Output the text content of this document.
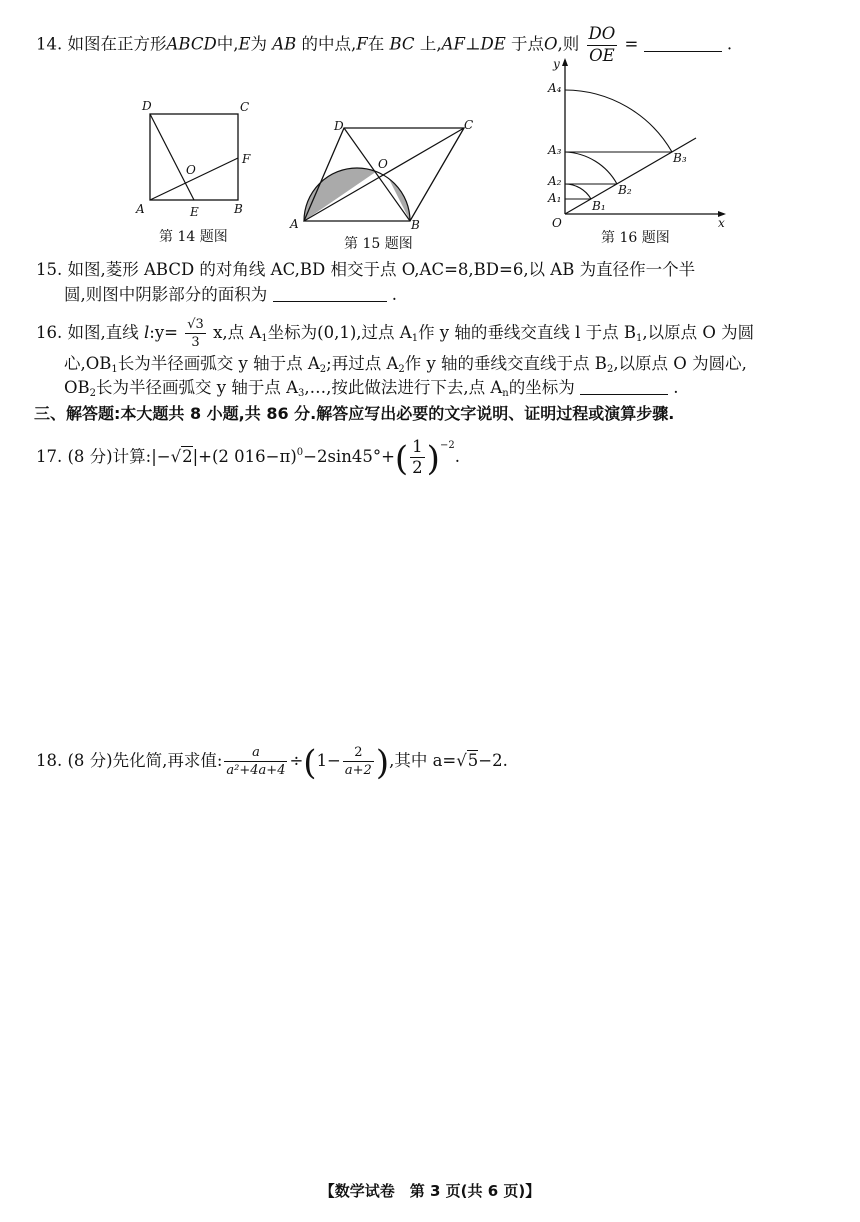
14. 如图在正方形ABCD中,E为 AB 的中点,F在 BC 上,AF⊥DE 于点O,则 $\frac{DO}{OE}$ =	.
D	C
O
F
A	E	B
第 14 题图
D	C
O
A	B
第 15 题图
y
A₄
A₃
A₂
A₁
B₃
B₂
B₁
O	x
第 16 题图
15. 如图,菱形 ABCD 的对角线 AC,BD 相交于点 O,AC=8,BD=6,以 AB 为直径作一个半
圆,则图中阴影部分的面积为	.
16. 如图,直线 l:y= $\frac{√3}{3} x$,点 $A_1$坐标为(0,1),过点 $A_1$作 y 轴的垂线交直线 l 于点 $B_1$,以原点 O 为圆
心$,OB_1$长为半径画弧交 y 轴于点 $A_2$;再过点 $A_2$作 y 轴的垂线交直线于点 $B_2$,以原点 O 为圆心,
$OB_2$长为半径画弧交 y 轴于点 $A_3,\dots$,按此做法进行下去,点 $A_n$的坐标为	.
三、解答题:本大题共 8 小题,共 86 分.解答应写出必要的文字说明、证明过程或演算步骤.
17. (8 分)计算:|−√2|+(2 $016-\pi)^0-2\sin 45^\circ+( \frac{1}{2} )^{-2}$.
18. (8 分)先化简,再求值: $\frac{a}{\text{a²+4a+4}} \div(1- \frac{2}{a+2}$ ),其中 a=√5−2.
【数学试卷　第 3 页(共 6 页)】
